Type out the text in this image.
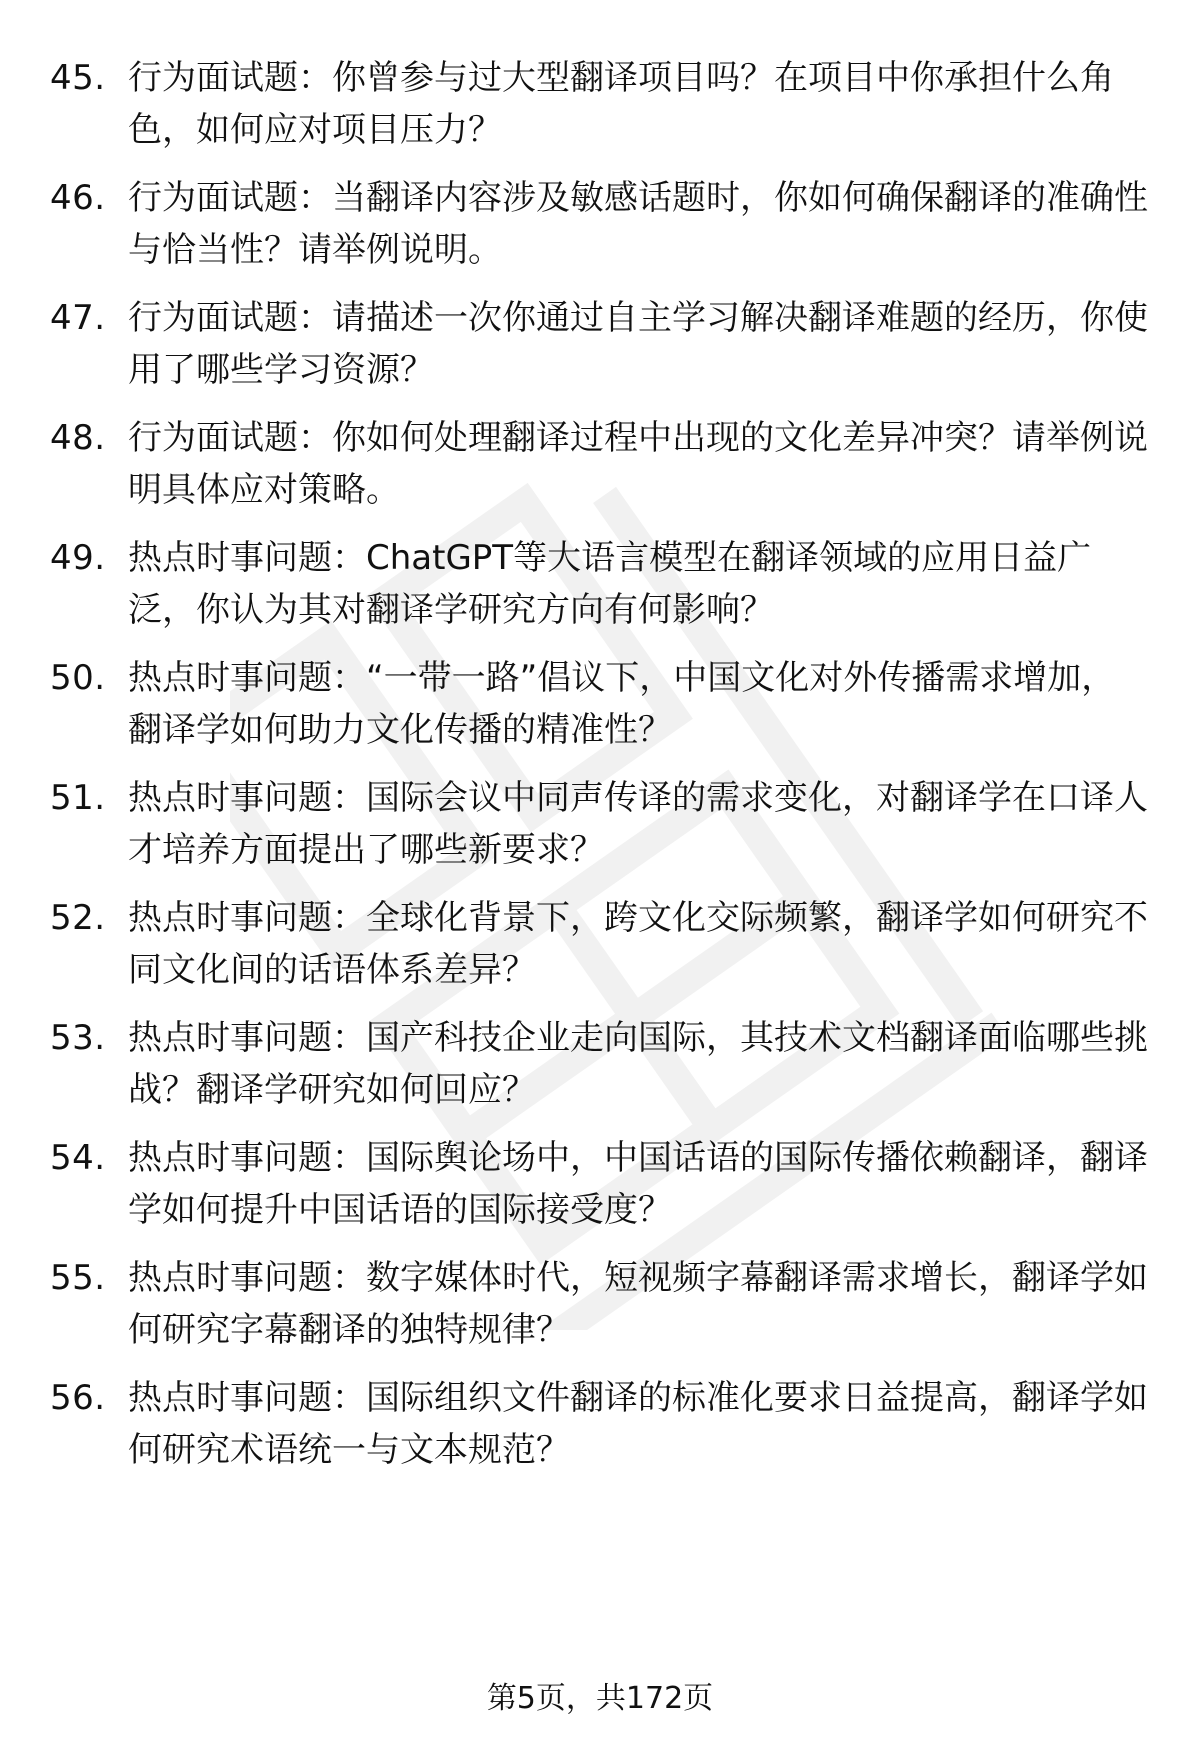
45. 行为面试题：你曾参与过大型翻译项目吗？在项目中你承担什么角色，如何应对项目压力？
46. 行为面试题：当翻译内容涉及敏感话题时，你如何确保翻译的准确性与恰当性？请举例说明。
47. 行为面试题：请描述一次你通过自主学习解决翻译难题的经历，你使用了哪些学习资源？
48. 行为面试题：你如何处理翻译过程中出现的文化差异冲突？请举例说明具体应对策略。
49. 热点时事问题：ChatGPT等大语言模型在翻译领域的应用日益广泛，你认为其对翻译学研究方向有何影响？
50. 热点时事问题：“一带一路”倡议下，中国文化对外传播需求增加，翻译学如何助力文化传播的精准性？
51. 热点时事问题：国际会议中同声传译的需求变化，对翻译学在口译人才培养方面提出了哪些新要求？
52. 热点时事问题：全球化背景下，跨文化交际频繁，翻译学如何研究不同文化间的话语体系差异？
53. 热点时事问题：国产科技企业走向国际，其技术文档翻译面临哪些挑战？翻译学研究如何回应？
54. 热点时事问题：国际舆论场中，中国话语的国际传播依赖翻译，翻译学如何提升中国话语的国际接受度？
55. 热点时事问题：数字媒体时代，短视频字幕翻译需求增长，翻译学如何研究字幕翻译的独特规律？
56. 热点时事问题：国际组织文件翻译的标准化要求日益提高，翻译学如何研究术语统一与文本规范？
第5页，共172页
